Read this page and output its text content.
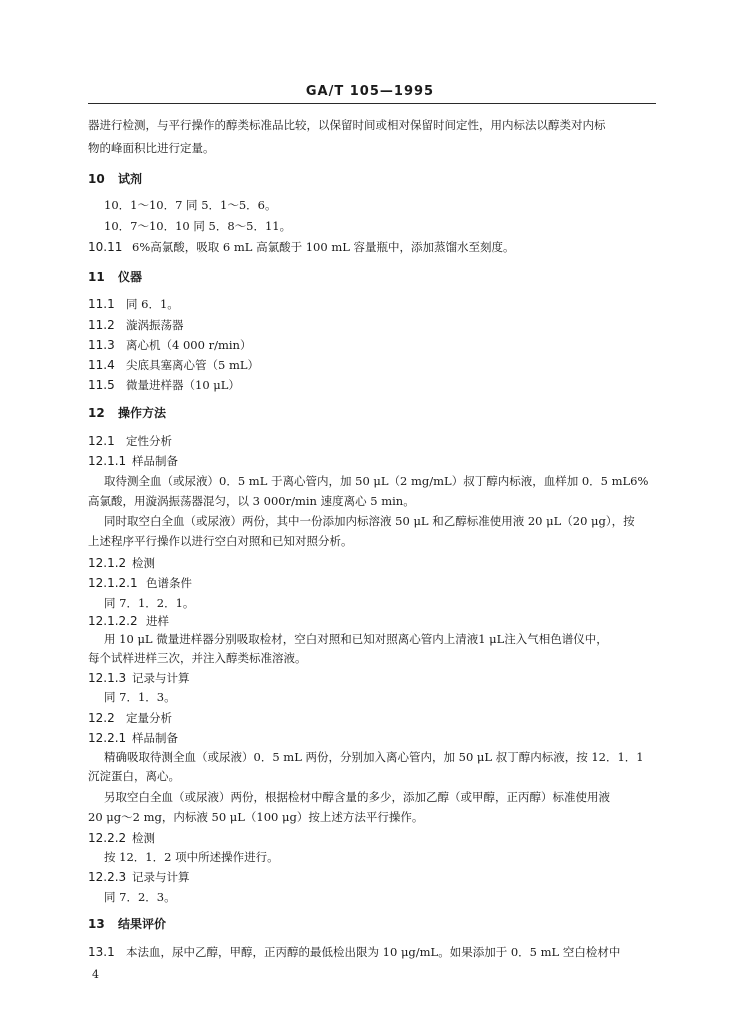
GA/T 105—1995
器进行检测，与平行操作的醇类标准品比较，以保留时间或相对保留时间定性，用内标法以醇类对内标
物的峰面积比进行定量。
10 试剂
10．1～10．7 同 5．1～5．6。
10．7～10．10 同 5．8～5．11。
10.11 6%高氯酸，吸取 6 mL 高氯酸于 100 mL 容量瓶中，添加蒸馏水至刻度。
11 仪器
11.1 同 6．1。
11.2 漩涡振荡器
11.3 离心机（4 000 r/min）
11.4 尖底具塞离心管（5 mL）
11.5 微量进样器（10 μL）
12 操作方法
12.1 定性分析
12.1.1 样品制备
取待测全血（或尿液）0．5 mL 于离心管内，加 50 μL（2 mg/mL）叔丁醇内标液，血样加 0．5 mL6%
高氯酸，用漩涡振荡器混匀，以 3 000r/min 速度离心 5 min。
同时取空白全血（或尿液）两份，其中一份添加内标溶液 50 μL 和乙醇标准使用液 20 μL（20 μg），按
上述程序平行操作以进行空白对照和已知对照分析。
12.1.2 检测
12.1.2.1 色谱条件
同 7．1．2．1。
12.1.2.2 进样
用 10 μL 微量进样器分别吸取检材，空白对照和已知对照离心管内上清液1 μL注入气相色谱仪中，
每个试样进样三次，并注入醇类标准溶液。
12.1.3 记录与计算
同 7．1．3。
12.2 定量分析
12.2.1 样品制备
精确吸取待测全血（或尿液）0．5 mL 两份，分别加入离心管内，加 50 μL 叔丁醇内标液，按 12．1．1
沉淀蛋白，离心。
另取空白全血（或尿液）两份，根据检材中醇含量的多少，添加乙醇（或甲醇，正丙醇）标准使用液
20 μg～2 mg，内标液 50 μL（100 μg）按上述方法平行操作。
12.2.2 检测
按 12．1．2 项中所述操作进行。
12.2.3 记录与计算
同 7．2．3。
13 结果评价
13.1 本法血，尿中乙醇，甲醇，正丙醇的最低检出限为 10 μg/mL。如果添加于 0．5 mL 空白检材中
4
